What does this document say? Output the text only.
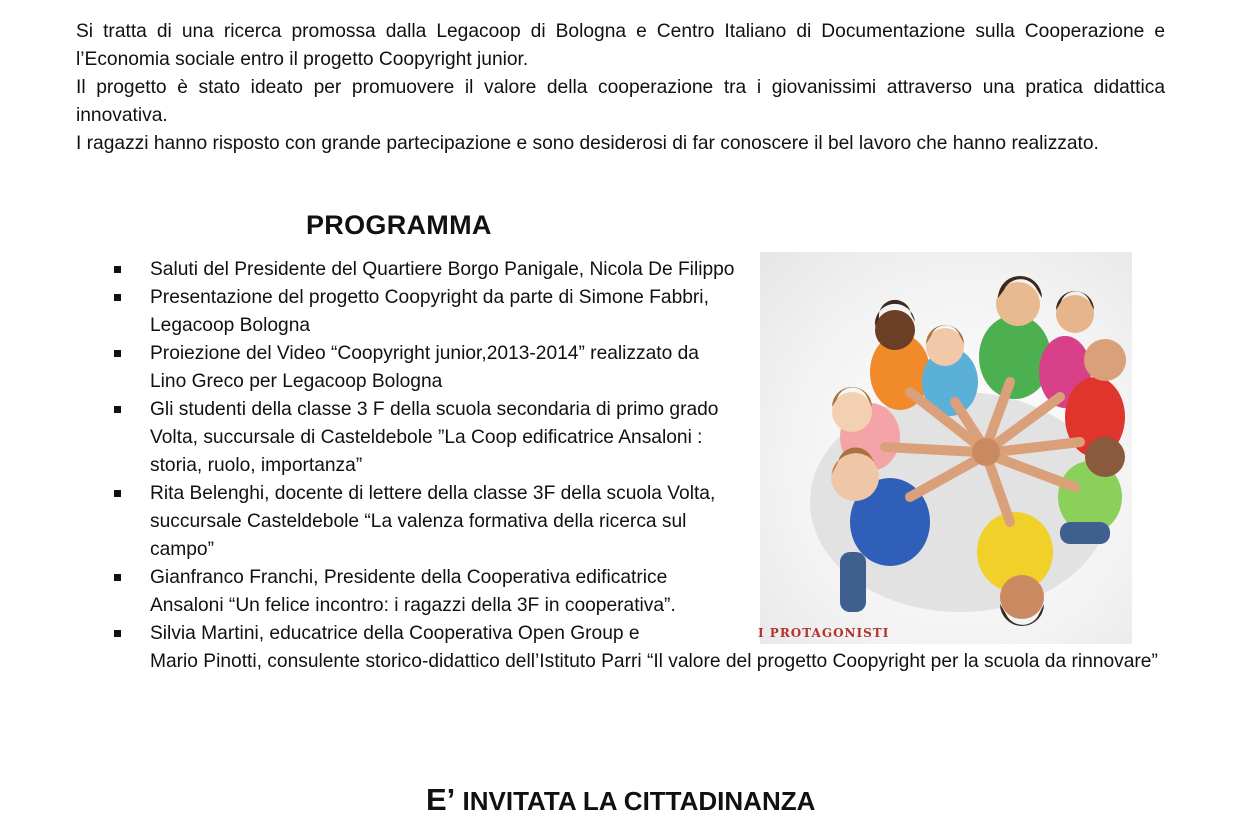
Si tratta di una ricerca promossa dalla Legacoop di Bologna e Centro Italiano di Documentazione sulla Cooperazione e l’Economia sociale entro il progetto Coopyright junior.

Il progetto è stato ideato per promuovere il valore della cooperazione tra i giovanissimi attraverso una pratica didattica innovativa.

I ragazzi hanno risposto con grande partecipazione e sono desiderosi di far conoscere il bel lavoro che hanno realizzato.

PROGRAMMA
Saluti del Presidente del Quartiere Borgo Panigale, Nicola De Filippo
Presentazione del progetto Coopyright da parte di Simone Fabbri, Legacoop Bologna
Proiezione del Video “Coopyright junior,2013-2014” realizzato da Lino Greco per Legacoop Bologna
Gli studenti della classe 3 F della scuola secondaria di primo grado Volta, succursale di Casteldebole ”La Coop edificatrice Ansaloni : storia, ruolo, importanza”
Rita Belenghi, docente di lettere della classe 3F della scuola Volta, succursale Casteldebole “La valenza formativa della ricerca sul campo”
Gianfranco Franchi, Presidente della Cooperativa edificatrice Ansaloni “Un felice incontro: i ragazzi della 3F in cooperativa”.
Silvia Martini, educatrice della Cooperativa Open Group e
Mario Pinotti, consulente storico-didattico dell’Istituto Parri “Il valore del progetto Coopyright per la scuola da rinnovare”
I PROTAGONISTI
E’ INVITATA LA CITTADINANZA
